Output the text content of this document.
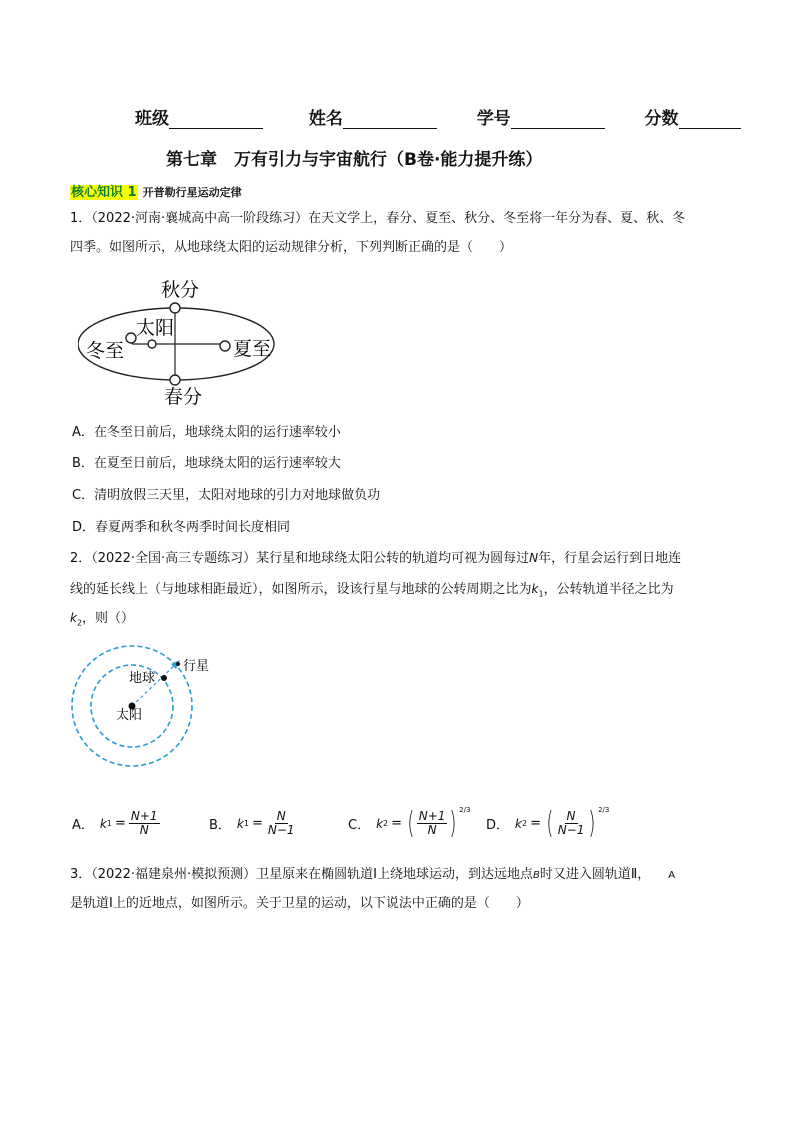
班级	姓名	学号	分数
第七章　万有引力与宇宙航行（B卷·能力提升练）
核心知识 1 开普勒行星运动定律
1．（2022·河南·襄城高中高一阶段练习）在天文学上，春分、夏至、秋分、冬至将一年分为春、夏、秋、冬
四季。如图所示，从地球绕太阳的运动规律分析，下列判断正确的是（　　）
秋分
春分
冬至	夏至
太阳
A．在冬至日前后，地球绕太阳的运行速率较小
B．在夏至日前后，地球绕太阳的运行速率较大
C．清明放假三天里，太阳对地球的引力对地球做负功
D．春夏两季和秋冬两季时间长度相同
2．（2022·全国·高三专题练习）某行星和地球绕太阳公转的轨道均可视为圆每过N年，行星会运行到日地连
线的延长线上（与地球相距最近），如图所示，设该行星与地球的公转周期之比为$k_1$，公转轨道半径之比为
$k_2$，则（）
行星
地球
太阳
A． k $1 = \frac{N+1}{N}$	B． k $1 = \frac{N}{N-1}$	C． k 2 = ( $\frac{N+1}{N}$ ) $^{2/3}$
D． k 2 = ( $\frac{N}{N-1}$ ) $^{2/3}$
3．（2022·福建泉州·模拟预测）卫星原来在椭圆轨道Ⅰ上绕地球运动，到达远地点B时又进入圆轨道Ⅱ， A
是轨道Ⅰ上的近地点，如图所示。关于卫星的运动，以下说法中正确的是（　　）
